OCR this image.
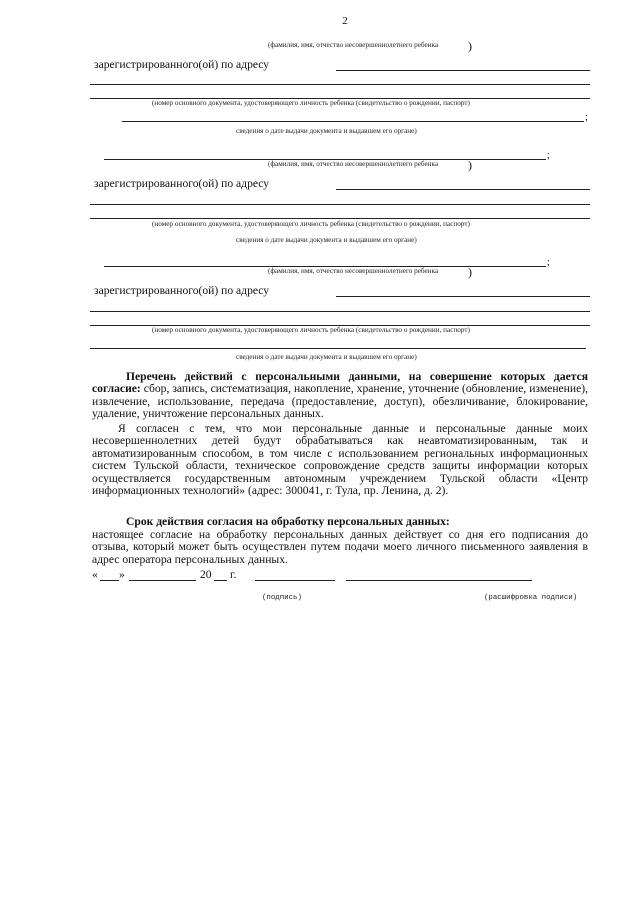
2
(фамилия, имя, отчество несовершеннолетнего ребенка )
зарегистрированного(ой) по адресу
(номер основного документа, удостоверяющего личность ребенка (свидетельство о рождении, паспорт)
;
сведения о дате выдачи документа и выдавшем его органе)
;
(фамилия, имя, отчество несовершеннолетнего ребенка )
зарегистрированного(ой) по адресу
(номер основного документа, удостоверяющего личность ребенка (свидетельство о рождении, паспорт)
сведения о дате выдачи документа и выдавшем его органе)
;
(фамилия, имя, отчество несовершеннолетнего ребенка )
зарегистрированного(ой) по адресу
(номер основного документа, удостоверяющего личность ребенка (свидетельство о рождении, паспорт)
сведения о дате выдачи документа и выдавшем его органе)
Перечень действий с персональными данными, на совершение которых дается согласие: сбор, запись, систематизация, накопление, хранение, уточнение (обновление, изменение), извлечение, использование, передача (предоставление, доступ), обезличивание, блокирование, удаление, уничтожение персональных данных.
Я согласен с тем, что мои персональные данные и персональные данные моих несовершеннолетних детей будут обрабатываться как неавтоматизированным, так и автоматизированным способом, в том числе с использованием региональных информационных систем Тульской области, техническое сопровождение средств защиты информации которых осуществляется государственным автономным учреждением Тульской области «Центр информационных технологий» (адрес: 300041, г. Тула, пр. Ленина, д. 2).
Срок действия согласия на обработку персональных данных:
настоящее согласие на обработку персональных данных действует со дня его подписания до отзыва, который может быть осуществлен путем подачи моего личного письменного заявления в адрес оператора персональных данных.
« »	20 г.
(подпись)	(расшифровка подписи)
